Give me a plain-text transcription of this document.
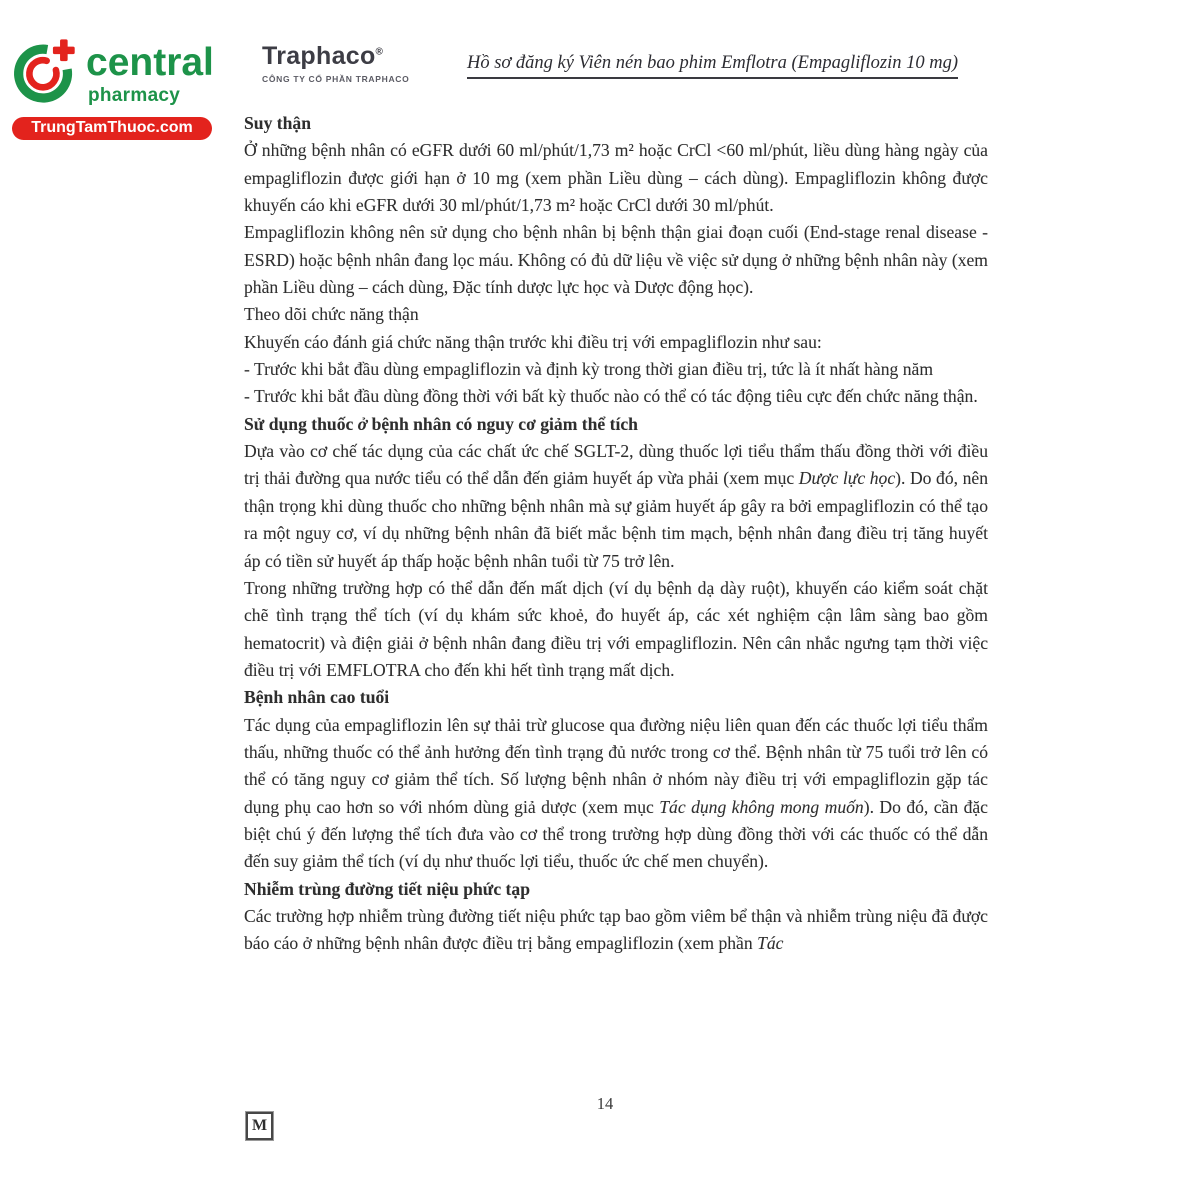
central
pharmacy
TrungTamThuoc.com
Traphaco®
CÔNG TY CỔ PHẦN TRAPHACO
Hồ sơ đăng ký Viên nén bao phim Emflotra (Empagliflozin 10 mg)
Suy thận

Ở những bệnh nhân có eGFR dưới 60 ml/phút/1,73 m² hoặc CrCl <60 ml/phút, liều dùng hàng ngày của empagliflozin được giới hạn ở 10 mg (xem phần Liều dùng – cách dùng). Empagliflozin không được khuyến cáo khi eGFR dưới 30 ml/phút/1,73 m² hoặc CrCl dưới 30 ml/phút.

Empagliflozin không nên sử dụng cho bệnh nhân bị bệnh thận giai đoạn cuối (End-stage renal disease - ESRD) hoặc bệnh nhân đang lọc máu. Không có đủ dữ liệu về việc sử dụng ở những bệnh nhân này (xem phần Liều dùng – cách dùng, Đặc tính dược lực học và Dược động học).

Theo dõi chức năng thận

Khuyến cáo đánh giá chức năng thận trước khi điều trị với empagliflozin như sau:

- Trước khi bắt đầu dùng empagliflozin và định kỳ trong thời gian điều trị, tức là ít nhất hàng năm

- Trước khi bắt đầu dùng đồng thời với bất kỳ thuốc nào có thể có tác động tiêu cực đến chức năng thận.

Sử dụng thuốc ở bệnh nhân có nguy cơ giảm thể tích

Dựa vào cơ chế tác dụng của các chất ức chế SGLT-2, dùng thuốc lợi tiểu thẩm thấu đồng thời với điều trị thải đường qua nước tiểu có thể dẫn đến giảm huyết áp vừa phải (xem mục Dược lực học). Do đó, nên thận trọng khi dùng thuốc cho những bệnh nhân mà sự giảm huyết áp gây ra bởi empagliflozin có thể tạo ra một nguy cơ, ví dụ những bệnh nhân đã biết mắc bệnh tim mạch, bệnh nhân đang điều trị tăng huyết áp có tiền sử huyết áp thấp hoặc bệnh nhân tuổi từ 75 trở lên.

Trong những trường hợp có thể dẫn đến mất dịch (ví dụ bệnh dạ dày ruột), khuyến cáo kiểm soát chặt chẽ tình trạng thể tích (ví dụ khám sức khoẻ, đo huyết áp, các xét nghiệm cận lâm sàng bao gồm hematocrit) và điện giải ở bệnh nhân đang điều trị với empagliflozin. Nên cân nhắc ngưng tạm thời việc điều trị với EMFLOTRA cho đến khi hết tình trạng mất dịch.

Bệnh nhân cao tuổi

Tác dụng của empagliflozin lên sự thải trừ glucose qua đường niệu liên quan đến các thuốc lợi tiểu thẩm thấu, những thuốc có thể ảnh hưởng đến tình trạng đủ nước trong cơ thể. Bệnh nhân từ 75 tuổi trở lên có thể có tăng nguy cơ giảm thể tích. Số lượng bệnh nhân ở nhóm này điều trị với empagliflozin gặp tác dụng phụ cao hơn so với nhóm dùng giả dược (xem mục Tác dụng không mong muốn). Do đó, cần đặc biệt chú ý đến lượng thể tích đưa vào cơ thể trong trường hợp dùng đồng thời với các thuốc có thể dẫn đến suy giảm thể tích (ví dụ như thuốc lợi tiểu, thuốc ức chế men chuyển).

Nhiễm trùng đường tiết niệu phức tạp

Các trường hợp nhiễm trùng đường tiết niệu phức tạp bao gồm viêm bể thận và nhiễm trùng niệu đã được báo cáo ở những bệnh nhân được điều trị bằng empagliflozin (xem phần Tác

14
M
